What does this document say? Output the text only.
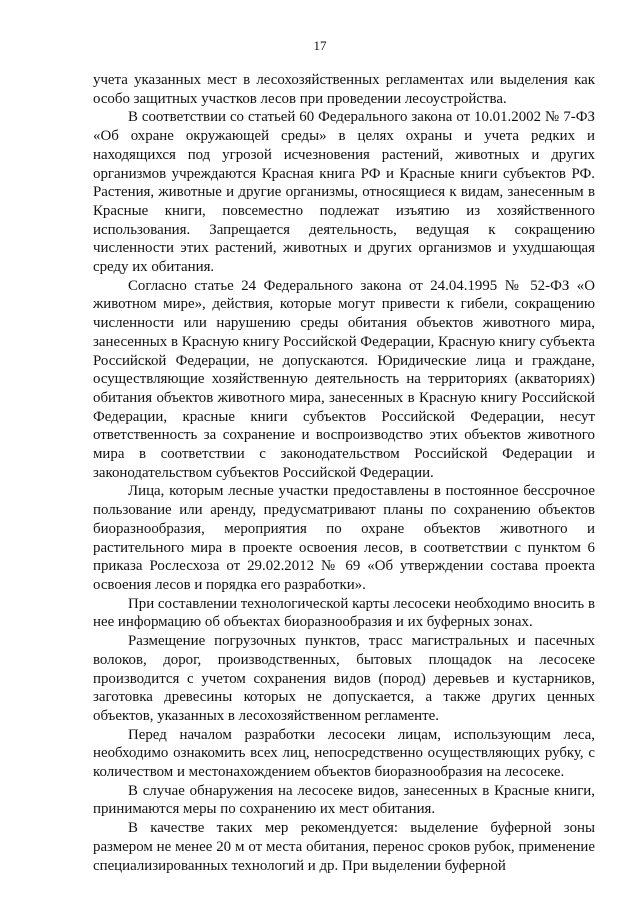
17

учета указанных мест в лесохозяйственных регламентах или выделения как особо защитных участков лесов при проведении лесоустройства.

В соответствии со статьей 60 Федерального закона от 10.01.2002 № 7-ФЗ «Об охране окружающей среды» в целях охраны и учета редких и находящихся под угрозой исчезновения растений, животных и других организмов учреждаются Красная книга РФ и Красные книги субъектов РФ. Растения, животные и другие организмы, относящиеся к видам, занесенным в Красные книги, повсеместно подлежат изъятию из хозяйственного использования. Запрещается деятельность, ведущая к сокращению численности этих растений, животных и других организмов и ухудшающая среду их обитания.

Согласно статье 24 Федерального закона от 24.04.1995 № 52-ФЗ «О животном мире», действия, которые могут привести к гибели, сокращению численности или нарушению среды обитания объектов животного мира, занесенных в Красную книгу Российской Федерации, Красную книгу субъекта Российской Федерации, не допускаются. Юридические лица и граждане, осуществляющие хозяйственную деятельность на территориях (акваториях) обитания объектов животного мира, занесенных в Красную книгу Российской Федерации, красные книги субъектов Российской Федерации, несут ответственность за сохранение и воспроизводство этих объектов животного мира в соответствии с законодательством Российской Федерации и законодательством субъектов Российской Федерации.

Лица, которым лесные участки предоставлены в постоянное бессрочное пользование или аренду, предусматривают планы по сохранению объектов биоразнообразия, мероприятия по охране объектов животного и растительного мира в проекте освоения лесов, в соответствии с пунктом 6 приказа Рослесхоза от 29.02.2012 № 69 «Об утверждении состава проекта освоения лесов и порядка его разработки».

При составлении технологической карты лесосеки необходимо вносить в нее информацию об объектах биоразнообразия и их буферных зонах.

Размещение погрузочных пунктов, трасс магистральных и пасечных волоков, дорог, производственных, бытовых площадок на лесосеке производится с учетом сохранения видов (пород) деревьев и кустарников, заготовка древесины которых не допускается, а также других ценных объектов, указанных в лесохозяйственном регламенте.

Перед началом разработки лесосеки лицам, использующим леса, необходимо ознакомить всех лиц, непосредственно осуществляющих рубку, с количеством и местонахождением объектов биоразнообразия на лесосеке.

В случае обнаружения на лесосеке видов, занесенных в Красные книги, принимаются меры по сохранению их мест обитания.

В качестве таких мер рекомендуется: выделение буферной зоны размером не менее 20 м от места обитания, перенос сроков рубок, применение специализированных технологий и др. При выделении буферной
